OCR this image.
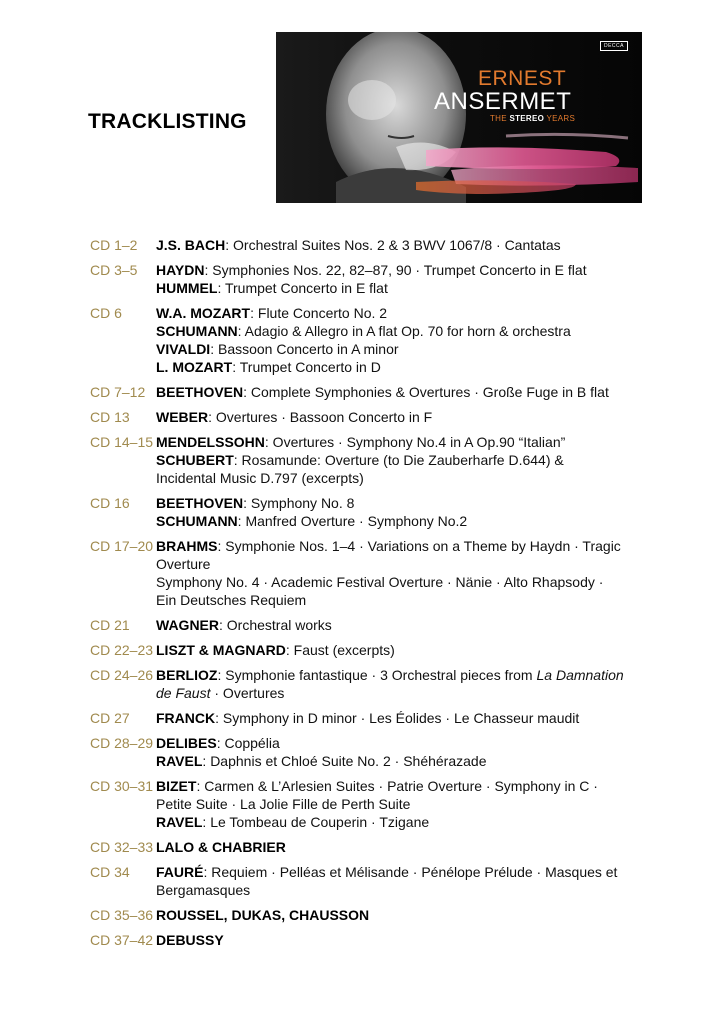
TRACKLISTING
DECCA
ERNEST
ANSERMET
THE STEREO YEARS
CD 1–2	J.S. BACH: Orchestral Suites Nos. 2 & 3 BWV 1067/8 · Cantatas
CD 3–5	HAYDN: Symphonies Nos. 22, 82–87, 90 · Trumpet Concerto in E flat
HUMMEL: Trumpet Concerto in E flat
CD 6	W.A. MOZART: Flute Concerto No. 2
SCHUMANN: Adagio & Allegro in A flat Op. 70 for horn & orchestra
VIVALDI: Bassoon Concerto in A minor
L. MOZART: Trumpet Concerto in D
CD 7–12 BEETHOVEN: Complete Symphonies & Overtures · Große Fuge in B flat
CD 13	WEBER: Overtures · Bassoon Concerto in F
CD 14–15 MENDELSSOHN: Overtures · Symphony No.4 in A Op.90 “Italian”
SCHUBERT: Rosamunde: Overture (to Die Zauberharfe D.644) &
Incidental Music D.797 (excerpts)
CD 16	BEETHOVEN: Symphony No. 8
SCHUMANN: Manfred Overture · Symphony No.2
CD 17–20 BRAHMS: Symphonie Nos. 1–4 · Variations on a Theme by Haydn · Tragic
Overture
Symphony No. 4 · Academic Festival Overture · Nänie · Alto Rhapsody ·
Ein Deutsches Requiem
CD 21	WAGNER: Orchestral works
CD 22–23 LISZT & MAGNARD: Faust (excerpts)
CD 24–26 BERLIOZ: Symphonie fantastique · 3 Orchestral pieces from La Damnation
de Faust · Overtures
CD 27	FRANCK: Symphony in D minor · Les Éolides · Le Chasseur maudit
CD 28–29 DELIBES: Coppélia
RAVEL: Daphnis et Chloé Suite No. 2 · Shéhérazade
CD 30–31 BIZET: Carmen & L’Arlesien Suites · Patrie Overture · Symphony in C ·
Petite Suite · La Jolie Fille de Perth Suite
RAVEL: Le Tombeau de Couperin · Tzigane
CD 32–33 LALO & CHABRIER
CD 34	FAURÉ: Requiem · Pelléas et Mélisande · Pénélope Prélude · Masques et
Bergamasques
CD 35–36 ROUSSEL, DUKAS, CHAUSSON
CD 37–42 DEBUSSY
